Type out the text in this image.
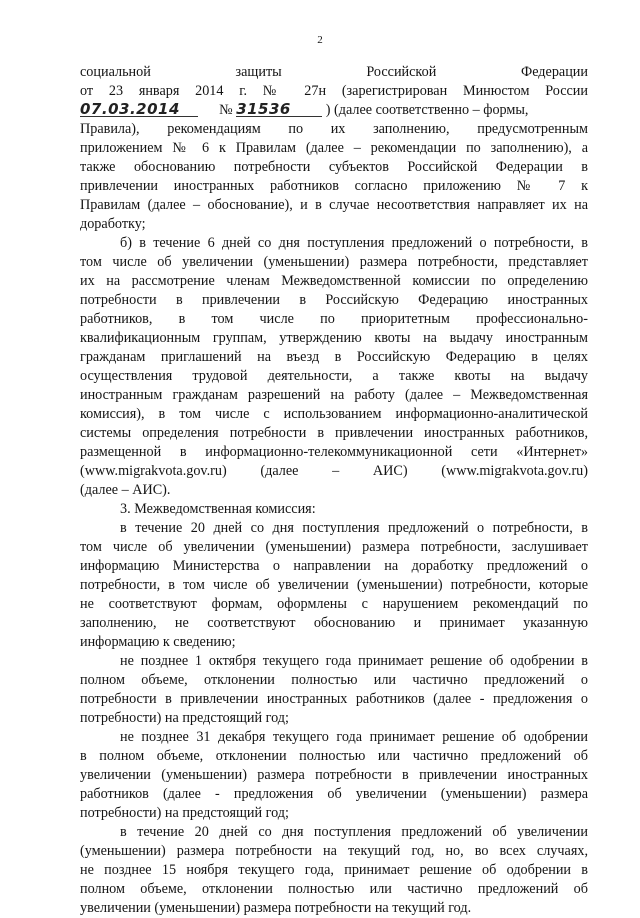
2
социальной защиты Российской Федерации
от 23 января 2014 г. № 27н (зарегистрирован Минюстом России
07.03.2014	№ 31536 ) (далее соответственно – формы,
Правила), рекомендациям по их заполнению, предусмотренным
приложением № 6 к Правилам (далее – рекомендации по заполнению), а
также обоснованию потребности субъектов Российской Федерации в
привлечении иностранных работников согласно приложению № 7 к
Правилам (далее – обоснование), и в случае несоответствия направляет их на
доработку;
б) в течение 6 дней со дня поступления предложений о потребности, в
том числе об увеличении (уменьшении) размера потребности, представляет
их на рассмотрение членам Межведомственной комиссии по определению
потребности в привлечении в Российскую Федерацию иностранных
работников, в том числе по приоритетным профессионально-
квалификационным группам, утверждению квоты на выдачу иностранным
гражданам приглашений на въезд в Российскую Федерацию в целях
осуществления трудовой деятельности, а также квоты на выдачу
иностранным гражданам разрешений на работу (далее – Межведомственная
комиссия), в том числе с использованием информационно-аналитической
системы определения потребности в привлечении иностранных работников,
размещенной в информационно-телекоммуникационной сети «Интернет»
(www.migrakvota.gov.ru) (далее – АИС) (www.migrakvota.gov.ru)
(далее – АИС).
3. Межведомственная комиссия:
в течение 20 дней со дня поступления предложений о потребности, в
том числе об увеличении (уменьшении) размера потребности, заслушивает
информацию Министерства о направлении на доработку предложений о
потребности, в том числе об увеличении (уменьшении) потребности, которые
не соответствуют формам, оформлены с нарушением рекомендаций по
заполнению, не соответствуют обоснованию и принимает указанную
информацию к сведению;
не позднее 1 октября текущего года принимает решение об одобрении в
полном объеме, отклонении полностью или частично предложений о
потребности в привлечении иностранных работников (далее - предложения о
потребности) на предстоящий год;
не позднее 31 декабря текущего года принимает решение об одобрении
в полном объеме, отклонении полностью или частично предложений об
увеличении (уменьшении) размера потребности в привлечении иностранных
работников (далее - предложения об увеличении (уменьшении) размера
потребности) на предстоящий год;
в течение 20 дней со дня поступления предложений об увеличении
(уменьшении) размера потребности на текущий год, но, во всех случаях,
не позднее 15 ноября текущего года, принимает решение об одобрении в
полном объеме, отклонении полностью или частично предложений об
увеличении (уменьшении) размера потребности на текущий год.
